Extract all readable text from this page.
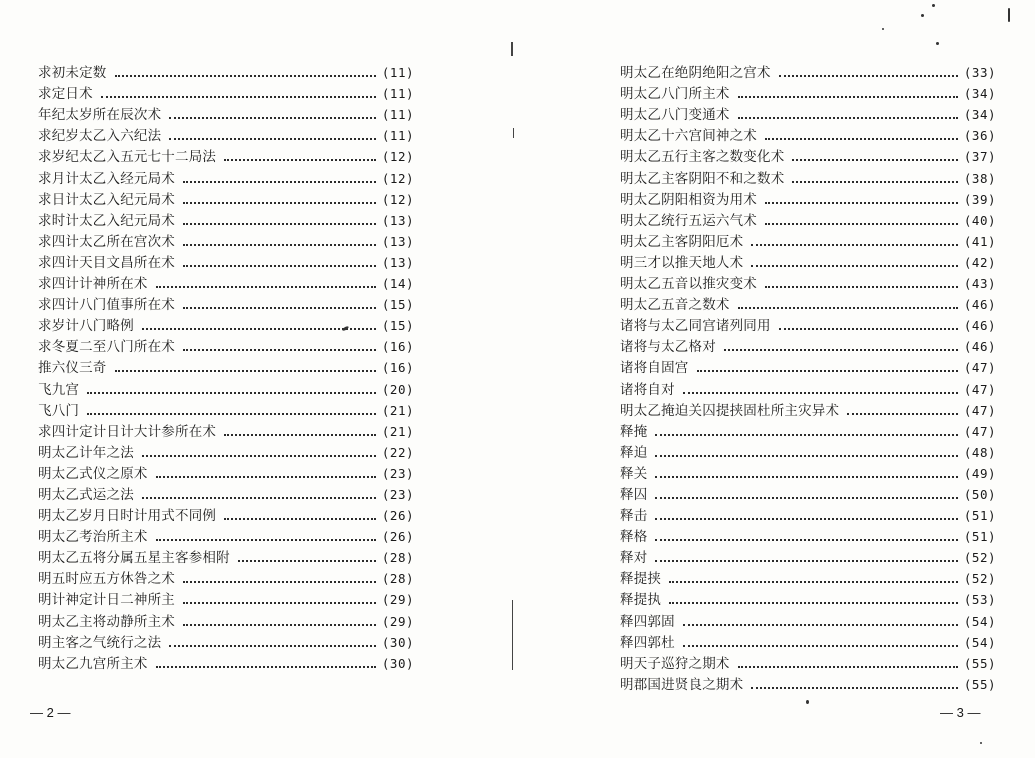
求初未定数	(11)
求定日术	(11)
年纪太岁所在辰次术	(11)
求纪岁太乙入六纪法	(11)
求岁纪太乙入五元七十二局法	(12)
求月计太乙入经元局术	(12)
求日计太乙入纪元局术	(12)
求时计太乙入纪元局术	(13)
求四计太乙所在宫次术	(13)
求四计天目文昌所在术	(13)
求四计计神所在术	(14)
求四计八门值事所在术	(15)
求岁计八门略例	(15)
求冬夏二至八门所在术	(16)
推六仪三奇	(16)
飞九宫	(20)
飞八门	(21)
求四计定计日计大计参所在术	(21)
明太乙计年之法	(22)
明太乙式仪之原术	(23)
明太乙式运之法	(23)
明太乙岁月日时计用式不同例	(26)
明太乙考治所主术	(26)
明太乙五将分属五星主客参相附	(28)
明五时应五方休咎之术	(28)
明计神定计日二神所主	(29)
明太乙主将动静所主术	(29)
明主客之气统行之法	(30)
明太乙九宫所主术	(30)
明太乙在绝阴绝阳之宫术	(33)
明太乙八门所主术	(34)
明太乙八门变通术	(34)
明太乙十六宫间神之术	(36)
明太乙五行主客之数变化术	(37)
明太乙主客阴阳不和之数术	(38)
明太乙阴阳相资为用术	(39)
明太乙统行五运六气术	(40)
明太乙主客阴阳厄术	(41)
明三才以推天地人术	(42)
明太乙五音以推灾变术	(43)
明太乙五音之数术	(46)
诸将与太乙同宫诸列同用	(46)
诸将与太乙格对	(46)
诸将自固宫	(47)
诸将自对	(47)
明太乙掩迫关囚提挟固杜所主灾异术	(47)
释掩	(47)
释迫	(48)
释关	(49)
释囚	(50)
释击	(51)
释格	(51)
释对	(52)
释提挟	(52)
释提执	(53)
释四郭固	(54)
释四郭杜	(54)
明天子巡狩之期术	(55)
明郡国进贤良之期术	(55)
— 2 —	— 3 —
